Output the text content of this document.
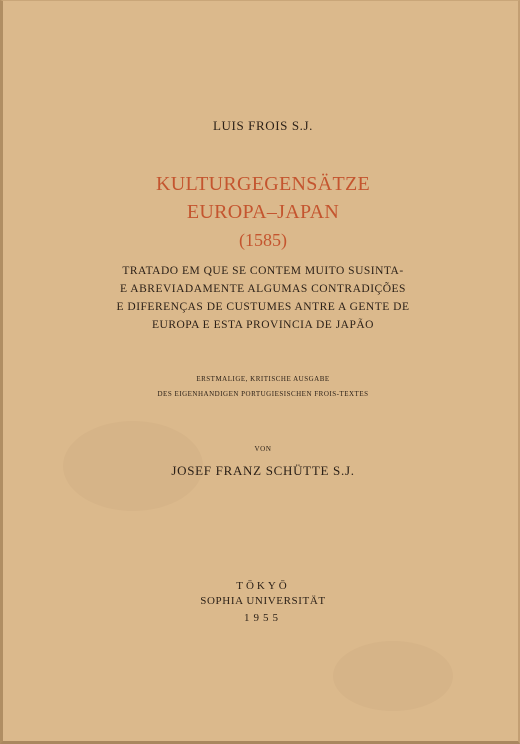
LUIS FROIS S.J.
KULTURGEGENSÄTZE
EUROPA–JAPAN
(1585)
TRATADO EM QUE SE CONTEM MUITO SUSINTA-
E ABREVIADAMENTE ALGUMAS CONTRADIÇÕES
E DIFERENÇAS DE CUSTUMES ANTRE A GENTE DE
EUROPA E ESTA PROVINCIA DE JAPÃO
ERSTMALIGE, KRITISCHE AUSGABE
DES EIGENHANDIGEN PORTUGIESISCHEN FROIS-TEXTES
VON
JOSEF FRANZ SCHÜTTE S.J.
TŌKYŌ
SOPHIA UNIVERSITÄT
1955
